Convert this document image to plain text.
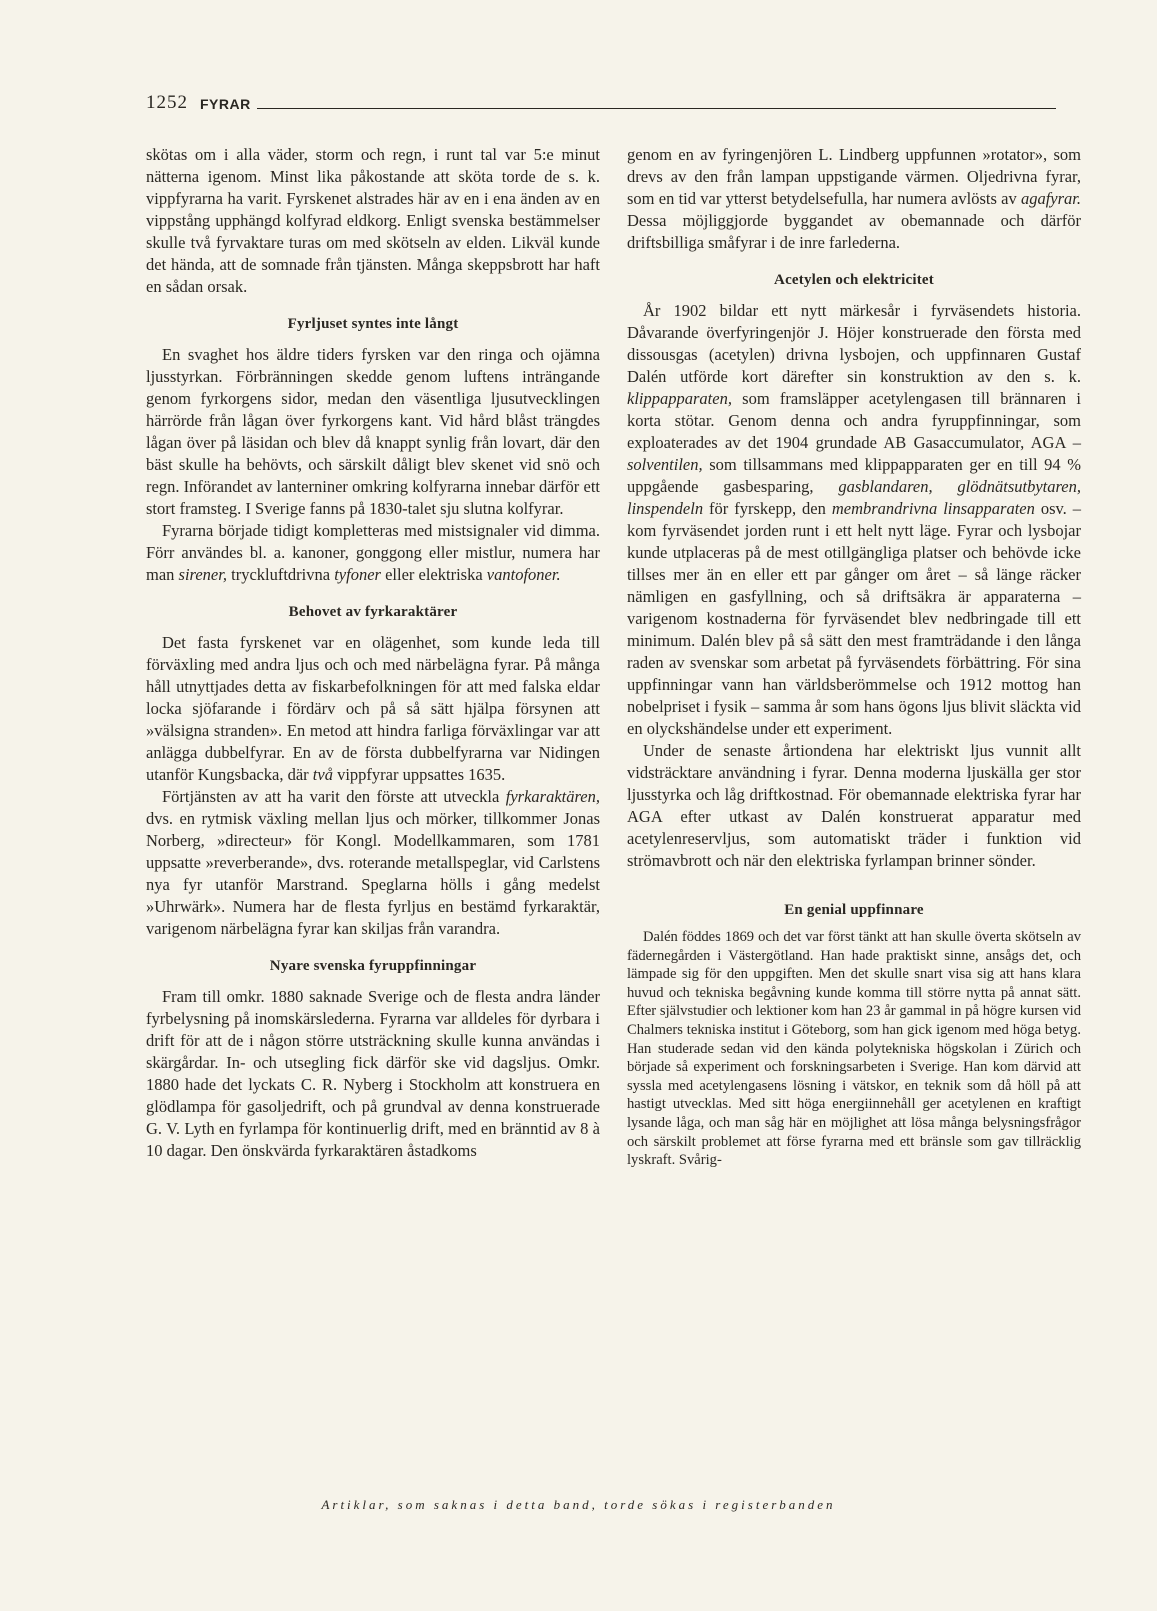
1252 FYRAR

skötas om i alla väder, storm och regn, i runt tal var 5:e minut nätterna igenom. Minst lika påkostande att sköta torde de s. k. vippfyrarna ha varit. Fyrskenet alstrades här av en i ena änden av en vippstång upphängd kolfyrad eldkorg. Enligt svenska bestämmelser skulle två fyrvaktare turas om med skötseln av elden. Likväl kunde det hända, att de somnade från tjänsten. Många skeppsbrott har haft en sådan orsak.

Fyrljuset syntes inte långt

En svaghet hos äldre tiders fyrsken var den ringa och ojämna ljusstyrkan. Förbränningen skedde genom luftens inträngande genom fyrkorgens sidor, medan den väsentliga ljusutvecklingen härrörde från lågan över fyrkorgens kant. Vid hård blåst trängdes lågan över på läsidan och blev då knappt synlig från lovart, där den bäst skulle ha behövts, och särskilt dåligt blev skenet vid snö och regn. Införandet av lanterniner omkring kolfyrarna innebar därför ett stort framsteg. I Sverige fanns på 1830-talet sju slutna kolfyrar.

Fyrarna började tidigt kompletteras med mistsignaler vid dimma. Förr användes bl. a. kanoner, gonggong eller mistlur, numera har man sirener, tryckluftdrivna tyfoner eller elektriska vantofoner.

Behovet av fyrkaraktärer

Det fasta fyrskenet var en olägenhet, som kunde leda till förväxling med andra ljus och och med närbelägna fyrar. På många håll utnyttjades detta av fiskarbefolkningen för att med falska eldar locka sjöfarande i fördärv och på så sätt hjälpa försynen att »välsigna stranden». En metod att hindra farliga förväxlingar var att anlägga dubbelfyrar. En av de första dubbelfyrarna var Nidingen utanför Kungsbacka, där två vippfyrar uppsattes 1635.

Förtjänsten av att ha varit den förste att utveckla fyrkaraktären, dvs. en rytmisk växling mellan ljus och mörker, tillkommer Jonas Norberg, »directeur» för Kongl. Modellkammaren, som 1781 uppsatte »reverberande», dvs. roterande metallspeglar, vid Carlstens nya fyr utanför Marstrand. Speglarna hölls i gång medelst »Uhrwärk». Numera har de flesta fyrljus en bestämd fyrkaraktär, varigenom närbelägna fyrar kan skiljas från varandra.

Nyare svenska fyruppfinningar

Fram till omkr. 1880 saknade Sverige och de flesta andra länder fyrbelysning på inomskärslederna. Fyrarna var alldeles för dyrbara i drift för att de i någon större utsträckning skulle kunna användas i skärgårdar. In- och utsegling fick därför ske vid dagsljus. Omkr. 1880 hade det lyckats C. R. Nyberg i Stockholm att konstruera en glödlampa för gasoljedrift, och på grundval av denna konstruerade G. V. Lyth en fyrlampa för kontinuerlig drift, med en bränntid av 8 à 10 dagar. Den önskvärda fyrkaraktären åstadkoms

genom en av fyringenjören L. Lindberg uppfunnen »rotator», som drevs av den från lampan uppstigande värmen. Oljedrivna fyrar, som en tid var ytterst betydelsefulla, har numera avlösts av agafyrar. Dessa möjliggjorde byggandet av obemannade och därför driftsbilliga småfyrar i de inre farlederna.

Acetylen och elektricitet

År 1902 bildar ett nytt märkesår i fyrväsendets historia. Dåvarande överfyringenjör J. Höjer konstruerade den första med dissousgas (acetylen) drivna lysbojen, och uppfinnaren Gustaf Dalén utförde kort därefter sin konstruktion av den s. k. klippapparaten, som framsläpper acetylengasen till brännaren i korta stötar. Genom denna och andra fyruppfinningar, som exploaterades av det 1904 grundade AB Gasaccumulator, AGA – solventilen, som tillsammans med klippapparaten ger en till 94 % uppgående gasbesparing, gasblandaren, glödnätsutbytaren, linspendeln för fyrskepp, den membrandrivna linsapparaten osv. – kom fyrväsendet jorden runt i ett helt nytt läge. Fyrar och lysbojar kunde utplaceras på de mest otillgängliga platser och behövde icke tillses mer än en eller ett par gånger om året – så länge räcker nämligen en gasfyllning, och så driftsäkra är apparaterna – varigenom kostnaderna för fyrväsendet blev nedbringade till ett minimum. Dalén blev på så sätt den mest framträdande i den långa raden av svenskar som arbetat på fyrväsendets förbättring. För sina uppfinningar vann han världsberömmelse och 1912 mottog han nobelpriset i fysik – samma år som hans ögons ljus blivit släckta vid en olyckshändelse under ett experiment.

Under de senaste årtiondena har elektriskt ljus vunnit allt vidsträcktare användning i fyrar. Denna moderna ljuskälla ger stor ljusstyrka och låg driftkostnad. För obemannade elektriska fyrar har AGA efter utkast av Dalén konstruerat apparatur med acetylenreservljus, som automatiskt träder i funktion vid strömavbrott och när den elektriska fyrlampan brinner sönder.

En genial uppfinnare

Dalén föddes 1869 och det var först tänkt att han skulle överta skötseln av fädernegården i Västergötland. Han hade praktiskt sinne, ansågs det, och lämpade sig för den uppgiften. Men det skulle snart visa sig att hans klara huvud och tekniska begåvning kunde komma till större nytta på annat sätt. Efter självstudier och lektioner kom han 23 år gammal in på högre kursen vid Chalmers tekniska institut i Göteborg, som han gick igenom med höga betyg. Han studerade sedan vid den kända polytekniska högskolan i Zürich och började så experiment och forskningsarbeten i Sverige. Han kom därvid att syssla med acetylengasens lösning i vätskor, en teknik som då höll på att hastigt utvecklas. Med sitt höga energiinnehåll ger acetylenen en kraftigt lysande låga, och man såg här en möjlighet att lösa många belysningsfrågor och särskilt problemet att förse fyrarna med ett bränsle som gav tillräcklig lyskraft. Svårig-

Artiklar, som saknas i detta band, torde sökas i registerbanden
